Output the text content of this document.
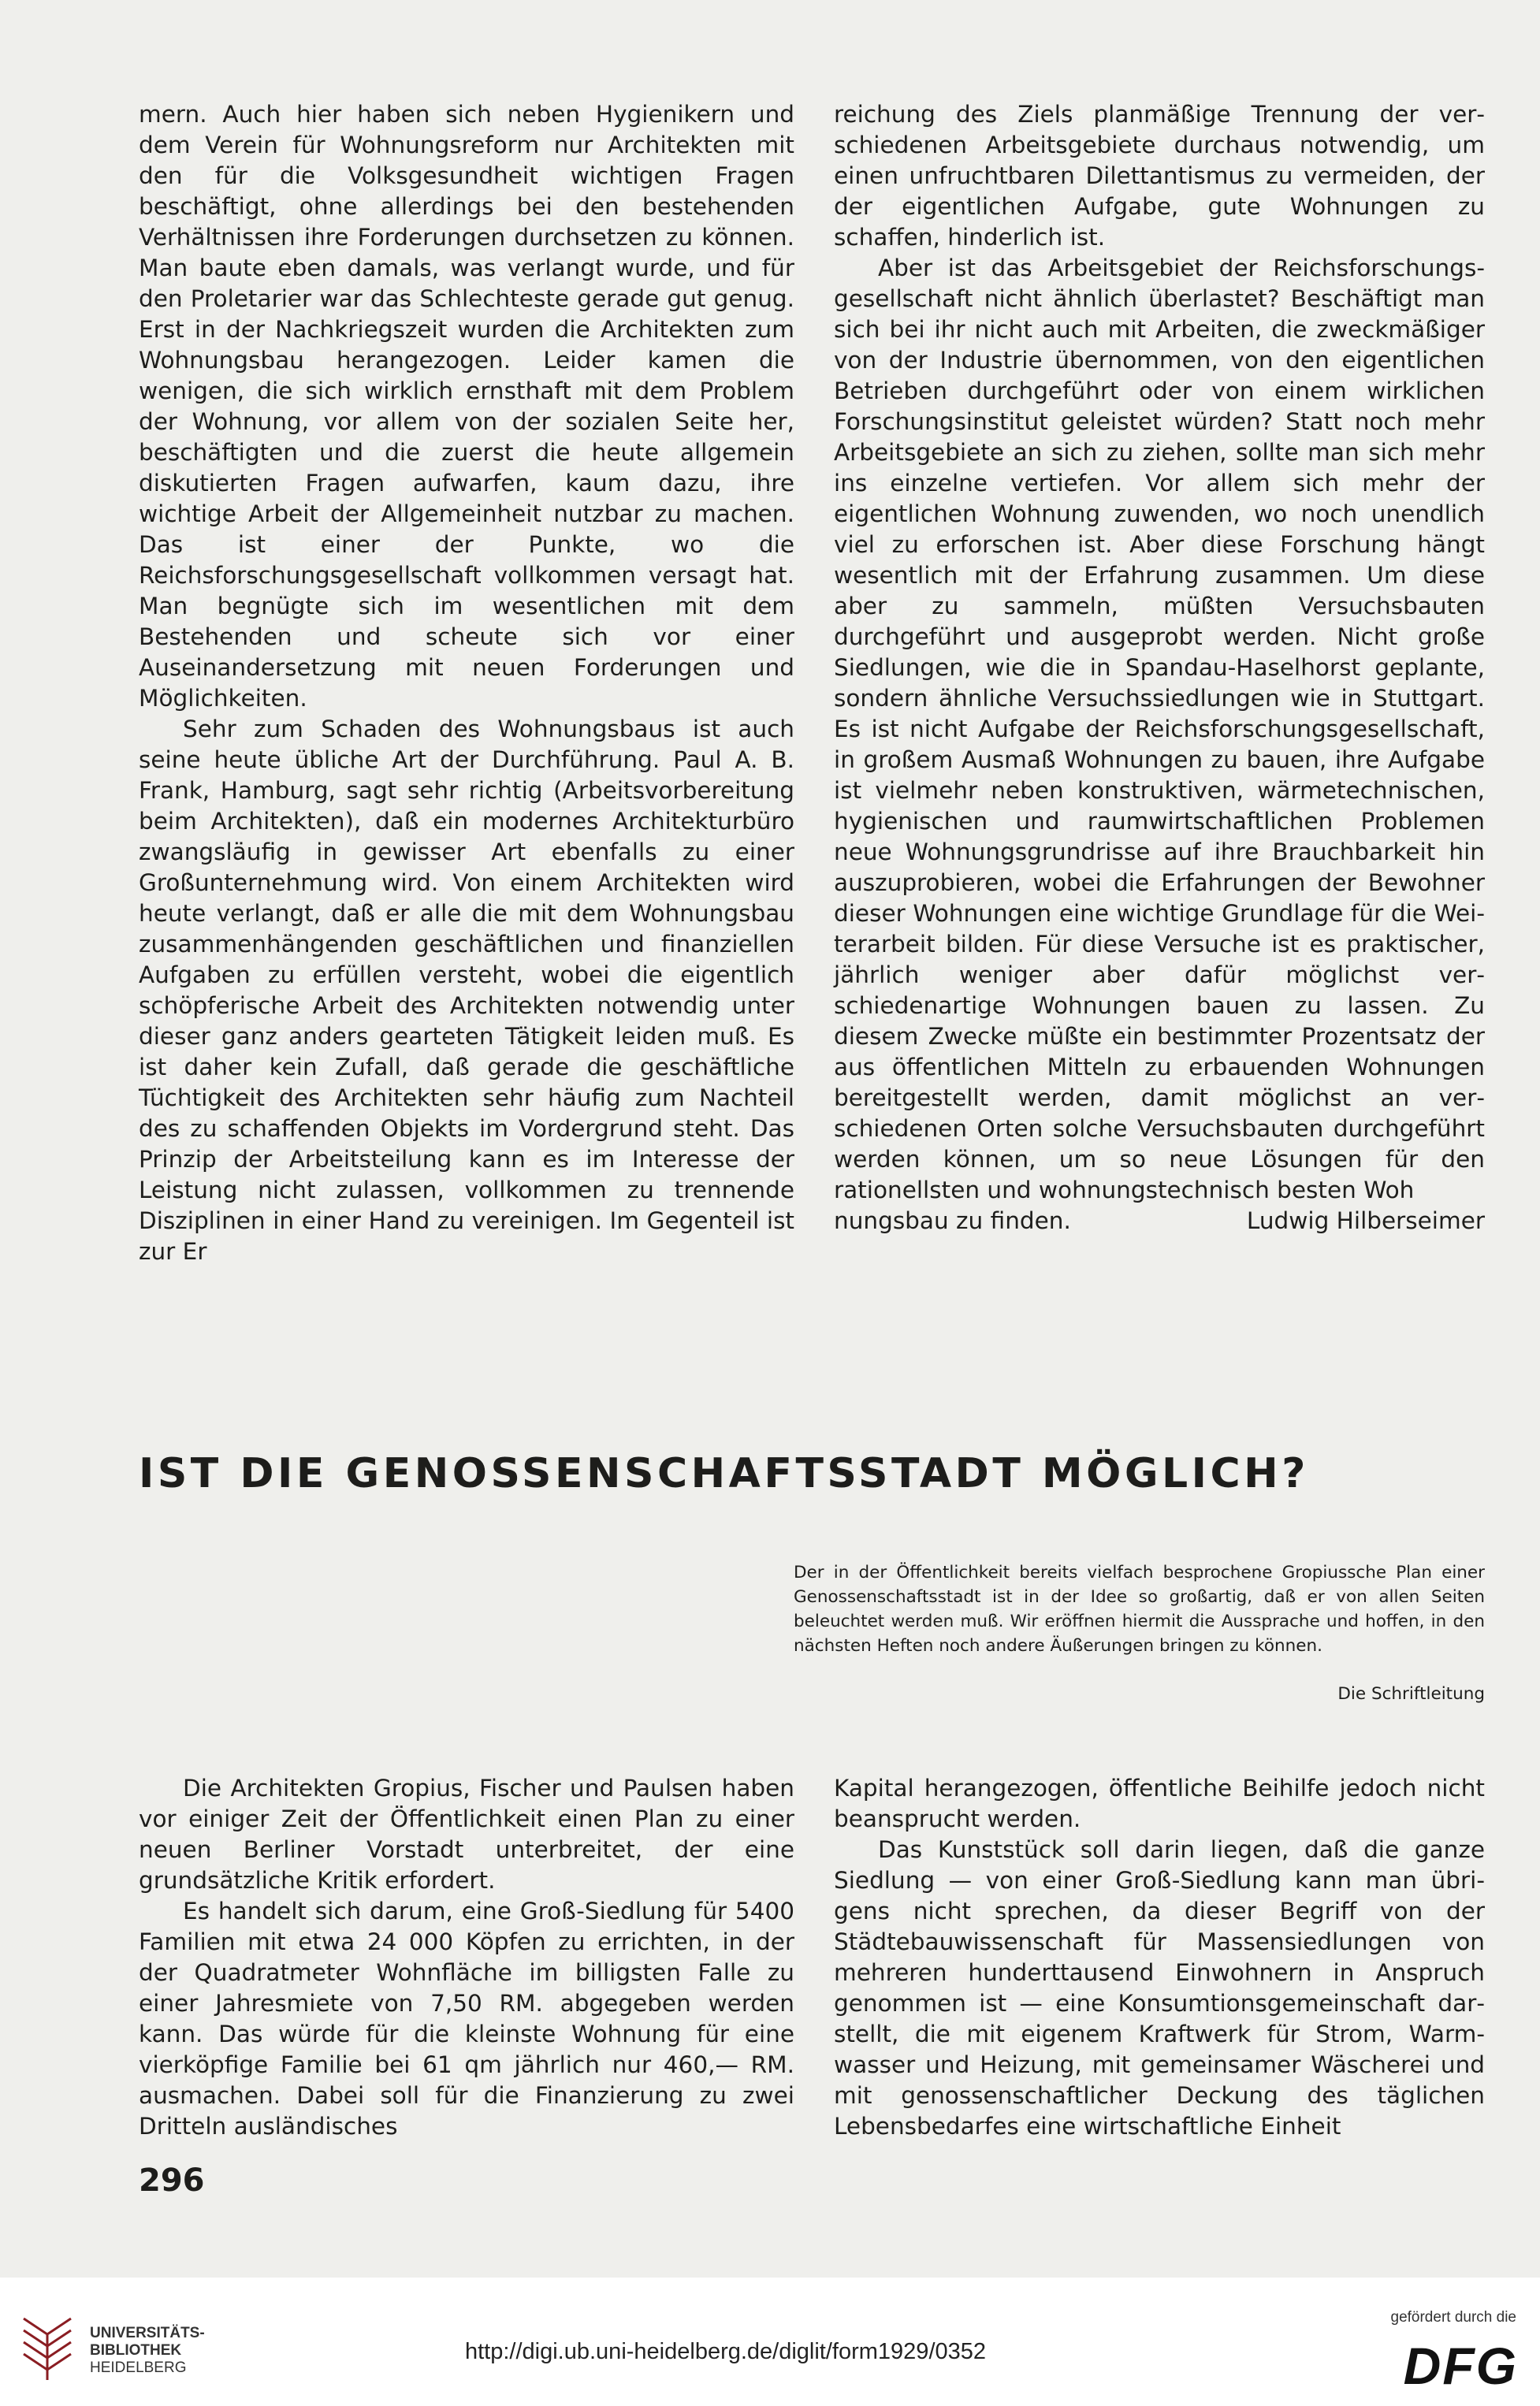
mern. Auch hier haben sich neben Hygienikern und dem Verein für Wohnungsreform nur Architekten mit den für die Volksgesundheit wichtigen Fragen beschäftigt, ohne allerdings bei den bestehenden Verhältnissen ihre Forderungen durchsetzen zu können. Man baute eben damals, was verlangt wurde, und für den Proletarier war das Schlechteste gerade gut genug. Erst in der Nachkriegszeit wurden die Architekten zum Wohnungsbau herangezogen. Leider kamen die wenigen, die sich wirklich ernsthaft mit dem Problem der Wohnung, vor allem von der sozialen Seite her, beschäftigten und die zuerst die heute allgemein diskutierten Fragen aufwarfen, kaum dazu, ihre wichtige Arbeit der Allgemeinheit nutzbar zu machen. Das ist einer der Punkte, wo die Reichsforschungsgesellschaft vollkommen versagt hat. Man begnügte sich im wesentlichen mit dem Bestehenden und scheute sich vor einer Auseinandersetzung mit neuen Forderungen und Möglichkeiten.

Sehr zum Schaden des Wohnungsbaus ist auch seine heute übliche Art der Durchführung. Paul A. B. Frank, Hamburg, sagt sehr richtig (Arbeitsvorbereitung beim Architekten), daß ein modernes Architekturbüro zwangsläufig in gewisser Art ebenfalls zu einer Großunternehmung wird. Von einem Architekten wird heute verlangt, daß er alle die mit dem Wohnungsbau zusammenhängenden geschäftlichen und finanziellen Aufgaben zu erfüllen versteht, wobei die eigentlich schöpferische Arbeit des Architekten notwendig unter dieser ganz anders gearteten Tätigkeit leiden muß. Es ist daher kein Zufall, daß gerade die geschäftliche Tüchtigkeit des Architekten sehr häufig zum Nachteil des zu schaffenden Objekts im Vordergrund steht. Das Prinzip der Arbeitsteilung kann es im Interesse der Leistung nicht zulassen, vollkommen zu trennende Disziplinen in einer Hand zu vereinigen. Im Gegenteil ist zur Er

reichung des Ziels planmäßige Trennung der verschiedenen Arbeitsgebiete durchaus notwendig, um einen unfruchtbaren Dilettantismus zu vermeiden, der der eigentlichen Aufgabe, gute Wohnungen zu schaffen, hinderlich ist.

Aber ist das Arbeitsgebiet der Reichsforschungsgesellschaft nicht ähnlich überlastet? Beschäftigt man sich bei ihr nicht auch mit Arbeiten, die zweckmäßiger von der Industrie übernommen, von den eigentlichen Betrieben durchgeführt oder von einem wirklichen Forschungsinstitut geleistet würden? Statt noch mehr Arbeitsgebiete an sich zu ziehen, sollte man sich mehr ins einzelne vertiefen. Vor allem sich mehr der eigentlichen Wohnung zuwenden, wo noch unendlich viel zu erforschen ist. Aber diese Forschung hängt wesentlich mit der Erfahrung zusammen. Um diese aber zu sammeln, müßten Versuchsbauten durchgeführt und ausgeprobt werden. Nicht große Siedlungen, wie die in Spandau-Haselhorst geplante, sondern ähnliche Versuchssiedlungen wie in Stuttgart. Es ist nicht Aufgabe der Reichsforschungsgesellschaft, in großem Ausmaß Wohnungen zu bauen, ihre Aufgabe ist vielmehr neben konstruktiven, wärmetechnischen, hygienischen und raumwirtschaftlichen Problemen neue Wohnungsgrundrisse auf ihre Brauchbarkeit hin auszuprobieren, wobei die Erfahrungen der Bewohner dieser Wohnungen eine wichtige Grundlage für die Weiterarbeit bilden. Für diese Versuche ist es praktischer, jährlich weniger aber dafür möglichst verschiedenartige Wohnungen bauen zu lassen. Zu diesem Zwecke müßte ein bestimmter Prozentsatz der aus öffentlichen Mitteln zu erbauenden Wohnungen bereitgestellt werden, damit möglichst an verschiedenen Orten solche Versuchsbauten durchgeführt werden können, um so neue Lösungen für den rationellsten und wohnungstechnisch besten Woh

nungsbau zu finden.	Ludwig Hilberseimer
IST DIE GENOSSENSCHAFTSSTADT MÖGLICH?
Der in der Öffentlichkeit bereits vielfach besprochene Gropiussche Plan einer Genossenschaftsstadt ist in der Idee so großartig, daß er von allen Seiten beleuchtet werden muß. Wir eröffnen hiermit die Aussprache und hoffen, in den nächsten Heften noch andere Äußerungen bringen zu können.
Die Schriftleitung

Die Architekten Gropius, Fischer und Paulsen haben vor einiger Zeit der Öffentlichkeit einen Plan zu einer neuen Berliner Vorstadt unterbreitet, der eine grundsätzliche Kritik erfordert.

Es handelt sich darum, eine Groß-Siedlung für 5400 Familien mit etwa 24 000 Köpfen zu errichten, in der der Quadratmeter Wohnfläche im billigsten Falle zu einer Jahresmiete von 7,50 RM. abgegeben werden kann. Das würde für die kleinste Wohnung für eine vierköpfige Familie bei 61 qm jährlich nur 460,— RM. ausmachen. Dabei soll für die Finanzierung zu zwei Dritteln ausländisches

Kapital herangezogen, öffentliche Beihilfe jedoch nicht beansprucht werden.

Das Kunststück soll darin liegen, daß die ganze Siedlung — von einer Groß-Siedlung kann man übrigens nicht sprechen, da dieser Begriff von der Städtebauwissenschaft für Massensiedlungen von mehreren hunderttausend Einwohnern in Anspruch genommen ist — eine Konsumtionsgemeinschaft darstellt, die mit eigenem Kraftwerk für Strom, Warmwasser und Heizung, mit gemeinsamer Wäscherei und mit genossenschaftlicher Deckung des täglichen Lebensbedarfes eine wirtschaftliche Einheit

296
UNIVERSITÄTS-
BIBLIOTHEK
HEIDELBERG
http://digi.ub.uni-heidelberg.de/diglit/form1929/0352
gefördert durch die
DFG
